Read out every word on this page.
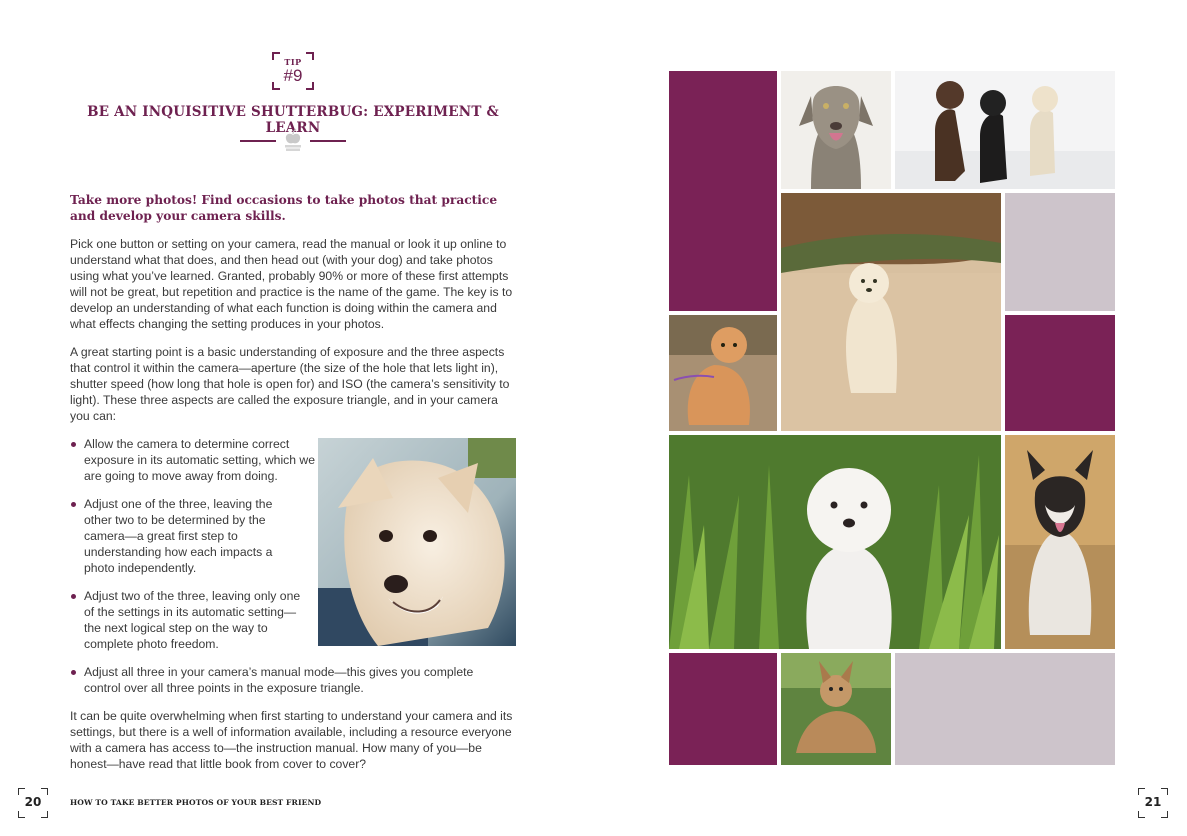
TIP
#9
BE AN INQUISITIVE SHUTTERBUG: EXPERIMENT & LEARN

Take more photos! Find occasions to take photos that practice and develop your camera skills.

Pick one button or setting on your camera, read the manual or look it up online to understand what that does, and then head out (with your dog) and take photos using what you’ve learned. Granted, probably 90% or more of these first attempts will not be great, but repetition and practice is the name of the game. The key is to develop an understanding of what each function is doing within the camera and what effects changing the setting produces in your photos.

A great starting point is a basic understanding of exposure and the three aspects that control it within the camera—aperture (the size of the hole that lets light in), shutter speed (how long that hole is open for) and ISO (the camera’s sensitivity to light). These three aspects are called the exposure triangle, and in your camera you can:

Allow the camera to determine correct exposure in its automatic setting, which we are going to move away from doing.
Adjust one of the three, leaving the other two to be determined by the camera—a great first step to understanding how each impacts a photo independently.
Adjust two of the three, leaving only one of the settings in its automatic setting—the next logical step on the way to complete photo freedom.
Adjust all three in your camera’s manual mode—this gives you complete control over all three points in the exposure triangle.

It can be quite overwhelming when first starting to understand your camera and its settings, but there is a well of information available, including a resource everyone with a camera has access to—the instruction manual. How many of you—be honest—have read that little book from cover to cover?

20	HOW TO TAKE BETTER PHOTOS OF YOUR BEST FRIEND	21
